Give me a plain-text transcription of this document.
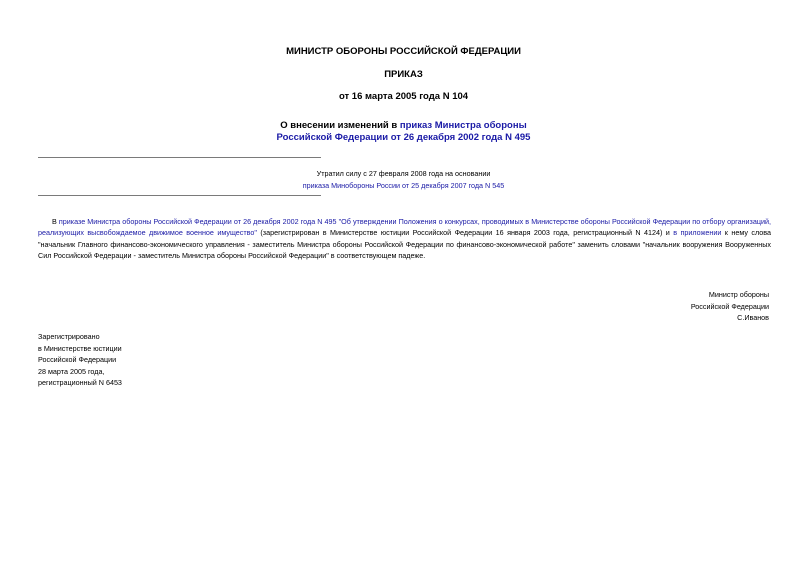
МИНИСТР ОБОРОНЫ РОССИЙСКОЙ ФЕДЕРАЦИИ
ПРИКАЗ
от 16 марта 2005 года N 104
О внесении изменений в приказ Министра обороны
Российской Федерации от 26 декабря 2002 года N 495
Утратил силу с 27 февраля 2008 года на основании
приказа Минобороны России от 25 декабря 2007 года N 545
В приказе Министра обороны Российской Федерации от 26 декабря 2002 года N 495 "Об утверждении Положения о конкурсах, проводимых в Министерстве обороны Российской Федерации по отбору организаций, реализующих высвобождаемое движимое военное имущество" (зарегистрирован в Министерстве юстиции Российской Федерации 16 января 2003 года, регистрационный N 4124) и в приложении к нему слова "начальник Главного финансово-экономического управления - заместитель Министра обороны Российской Федерации по финансово-экономической работе" заменить словами "начальник вооружения Вооруженных Сил Российской Федерации - заместитель Министра обороны Российской Федерации" в соответствующем падеже.
Министр обороны
Российской Федерации
С.Иванов
Зарегистрировано
в Министерстве юстиции
Российской Федерации
28 марта 2005 года,
регистрационный N 6453
